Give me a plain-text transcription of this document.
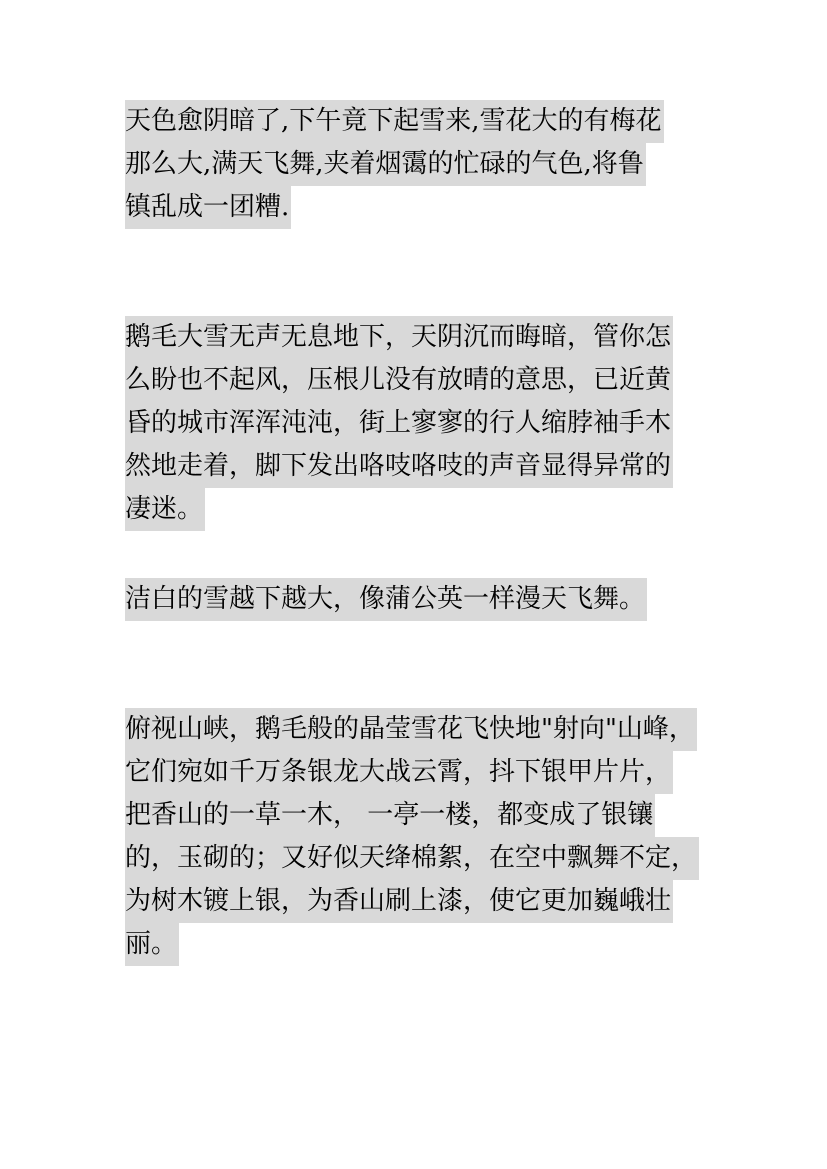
天色愈阴暗了,下午竟下起雪来,雪花大的有梅花
那么大,满天飞舞,夹着烟霭的忙碌的气色,将鲁
镇乱成一团糟.
鹅毛大雪无声无息地下，天阴沉而晦暗，管你怎
么盼也不起风，压根儿没有放晴的意思，已近黄
昏的城市浑浑沌沌，街上寥寥的行人缩脖袖手木
然地走着，脚下发出咯吱咯吱的声音显得异常的
凄迷。
洁白的雪越下越大，像蒲公英一样漫天飞舞。
俯视山峡，鹅毛般的晶莹雪花飞快地"射向"山峰，
它们宛如千万条银龙大战云霄，抖下银甲片片，
把香山的一草一木， 一亭一楼，都变成了银镶
的，玉砌的；又好似天绛棉絮，在空中飘舞不定，
为树木镀上银，为香山刷上漆，使它更加巍峨壮
丽。
